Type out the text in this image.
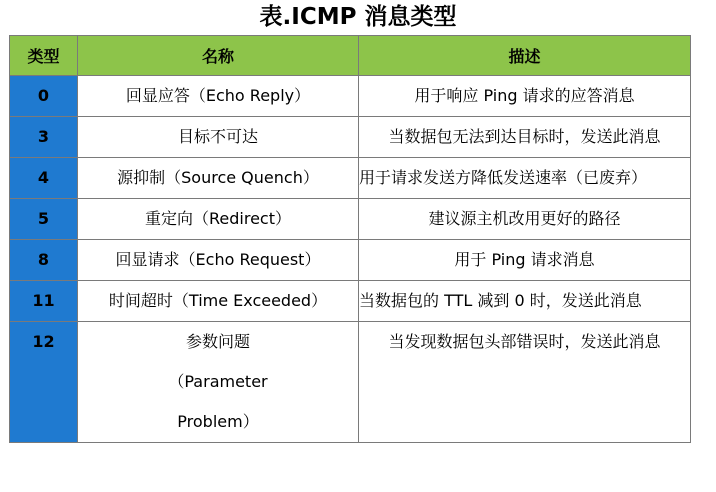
表.ICMP 消息类型
类型	名称	描述
0	回显应答（Echo Reply）	用于响应 Ping 请求的应答消息
3	目标不可达	当数据包无法到达目标时，发送此消息
4	源抑制（Source Quench）	用于请求发送方降低发送速率（已废弃）
5	重定向（Redirect）	建议源主机改用更好的路径
8	回显请求（Echo Request）	用于 Ping 请求消息
11	时间超时（Time Exceeded）	当数据包的 TTL 减到 0 时，发送此消息
12	参数问题（Parameter Problem）	当发现数据包头部错误时，发送此消息
